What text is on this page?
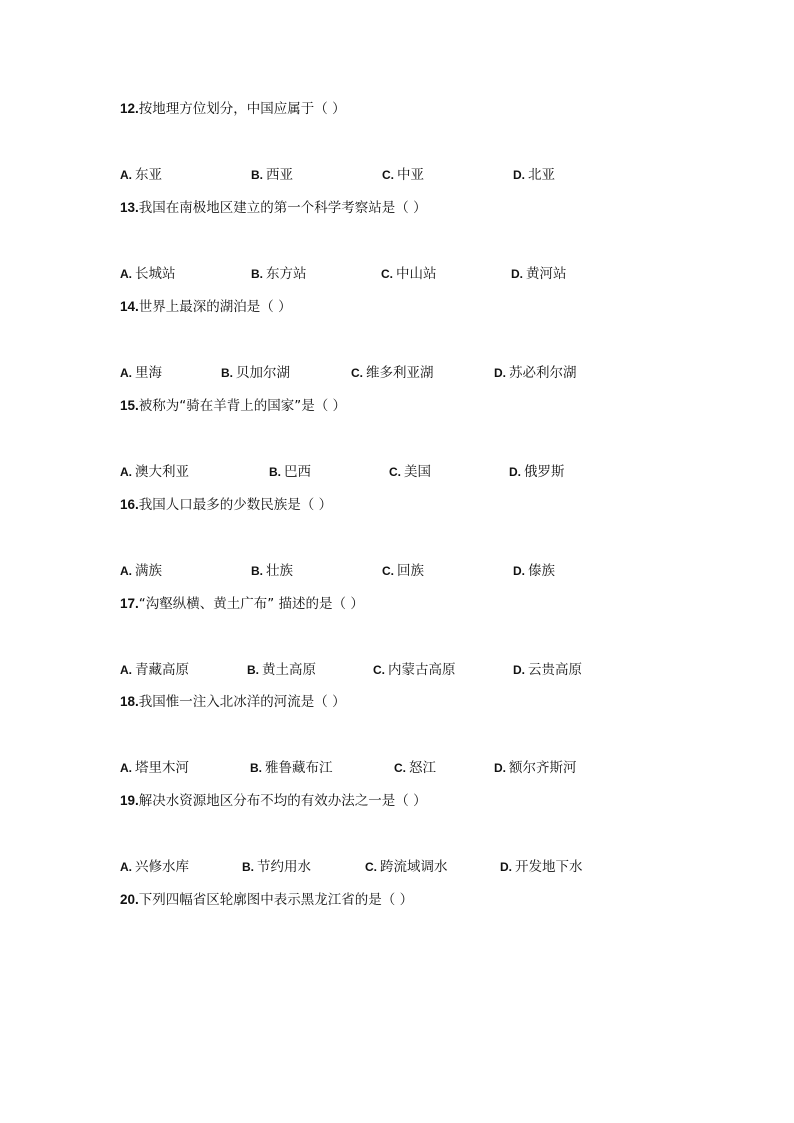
12.按地理方位划分，中国应属于（ ）
A. 东亚	B. 西亚	C. 中亚	D. 北亚
13.我国在南极地区建立的第一个科学考察站是（ ）
A. 长城站	B. 东方站	C. 中山站	D. 黄河站
14.世界上最深的湖泊是（ ）
A. 里海	B. 贝加尔湖	C. 维多利亚湖	D. 苏必利尔湖
15.被称为“骑在羊背上的国家”是（ ）
A. 澳大利亚	B. 巴西	C. 美国	D. 俄罗斯
16.我国人口最多的少数民族是（ ）
A. 满族	B. 壮族	C. 回族	D. 傣族
17.“沟壑纵横、黄土广布” 描述的是（ ）
A. 青藏高原	B. 黄土高原	C. 内蒙古高原	D. 云贵高原
18.我国惟一注入北冰洋的河流是（ ）
A. 塔里木河	B. 雅鲁藏布江	C. 怒江	D. 额尔齐斯河
19.解决水资源地区分布不均的有效办法之一是（ ）
A. 兴修水库	B. 节约用水	C. 跨流域调水	D. 开发地下水
20.下列四幅省区轮廓图中表示黑龙江省的是（ ）
